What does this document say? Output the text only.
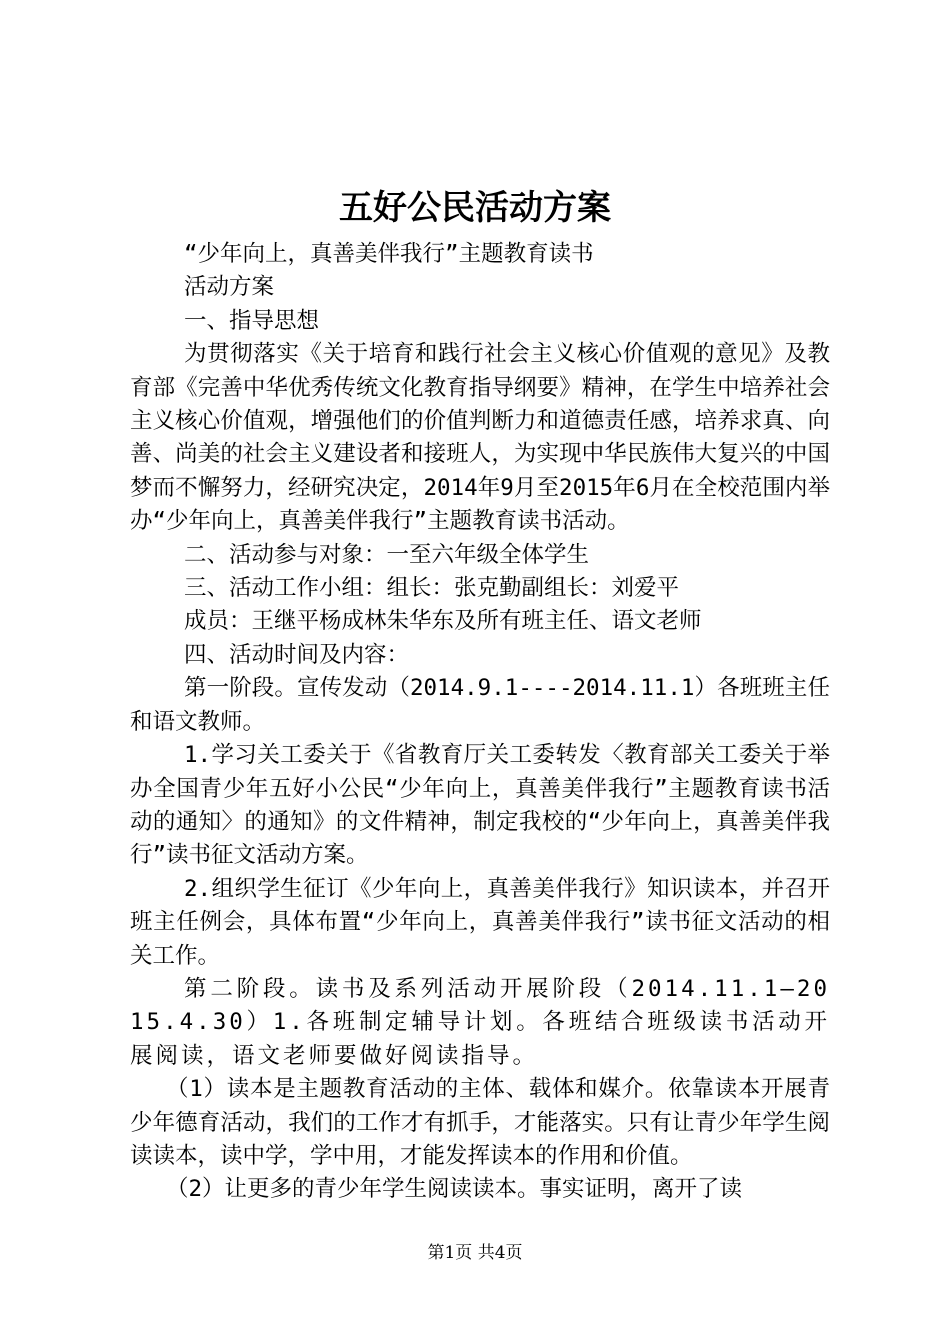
五好公民活动方案

“少年向上，真善美伴我行”主题教育读书

活动方案

一、指导思想

为贯彻落实《关于培育和践行社会主义核心价值观的意见》及教育部《完善中华优秀传统文化教育指导纲要》精神，在学生中培养社会主义核心价值观，增强他们的价值判断力和道德责任感，培养求真、向善、尚美的社会主义建设者和接班人，为实现中华民族伟大复兴的中国梦而不懈努力，经研究决定，2014年9月至2015年6月在全校范围内举办“少年向上，真善美伴我行”主题教育读书活动。

二、活动参与对象：一至六年级全体学生

三、活动工作小组：组长：张克勤副组长：刘爱平

成员：王继平杨成林朱华东及所有班主任、语文老师

四、活动时间及内容：

第一阶段。宣传发动（2014.9.1----2014.11.1）各班班主任和语文教师。

1.学习关工委关于《省教育厅关工委转发〈教育部关工委关于举办全国青少年五好小公民“少年向上，真善美伴我行”主题教育读书活动的通知〉的通知》的文件精神，制定我校的“少年向上，真善美伴我行”读书征文活动方案。

2.组织学生征订《少年向上，真善美伴我行》知识读本，并召开班主任例会，具体布置“少年向上，真善美伴我行”读书征文活动的相关工作。

第二阶段。读书及系列活动开展阶段（2014.11.1—2015.4.30）1.各班制定辅导计划。各班结合班级读书活动开展阅读，语文老师要做好阅读指导。

（1）读本是主题教育活动的主体、载体和媒介。依靠读本开展青少年德育活动，我们的工作才有抓手，才能落实。只有让青少年学生阅读读本，读中学，学中用，才能发挥读本的作用和价值。

（2）让更多的青少年学生阅读读本。事实证明，离开了读

第1页 共4页
